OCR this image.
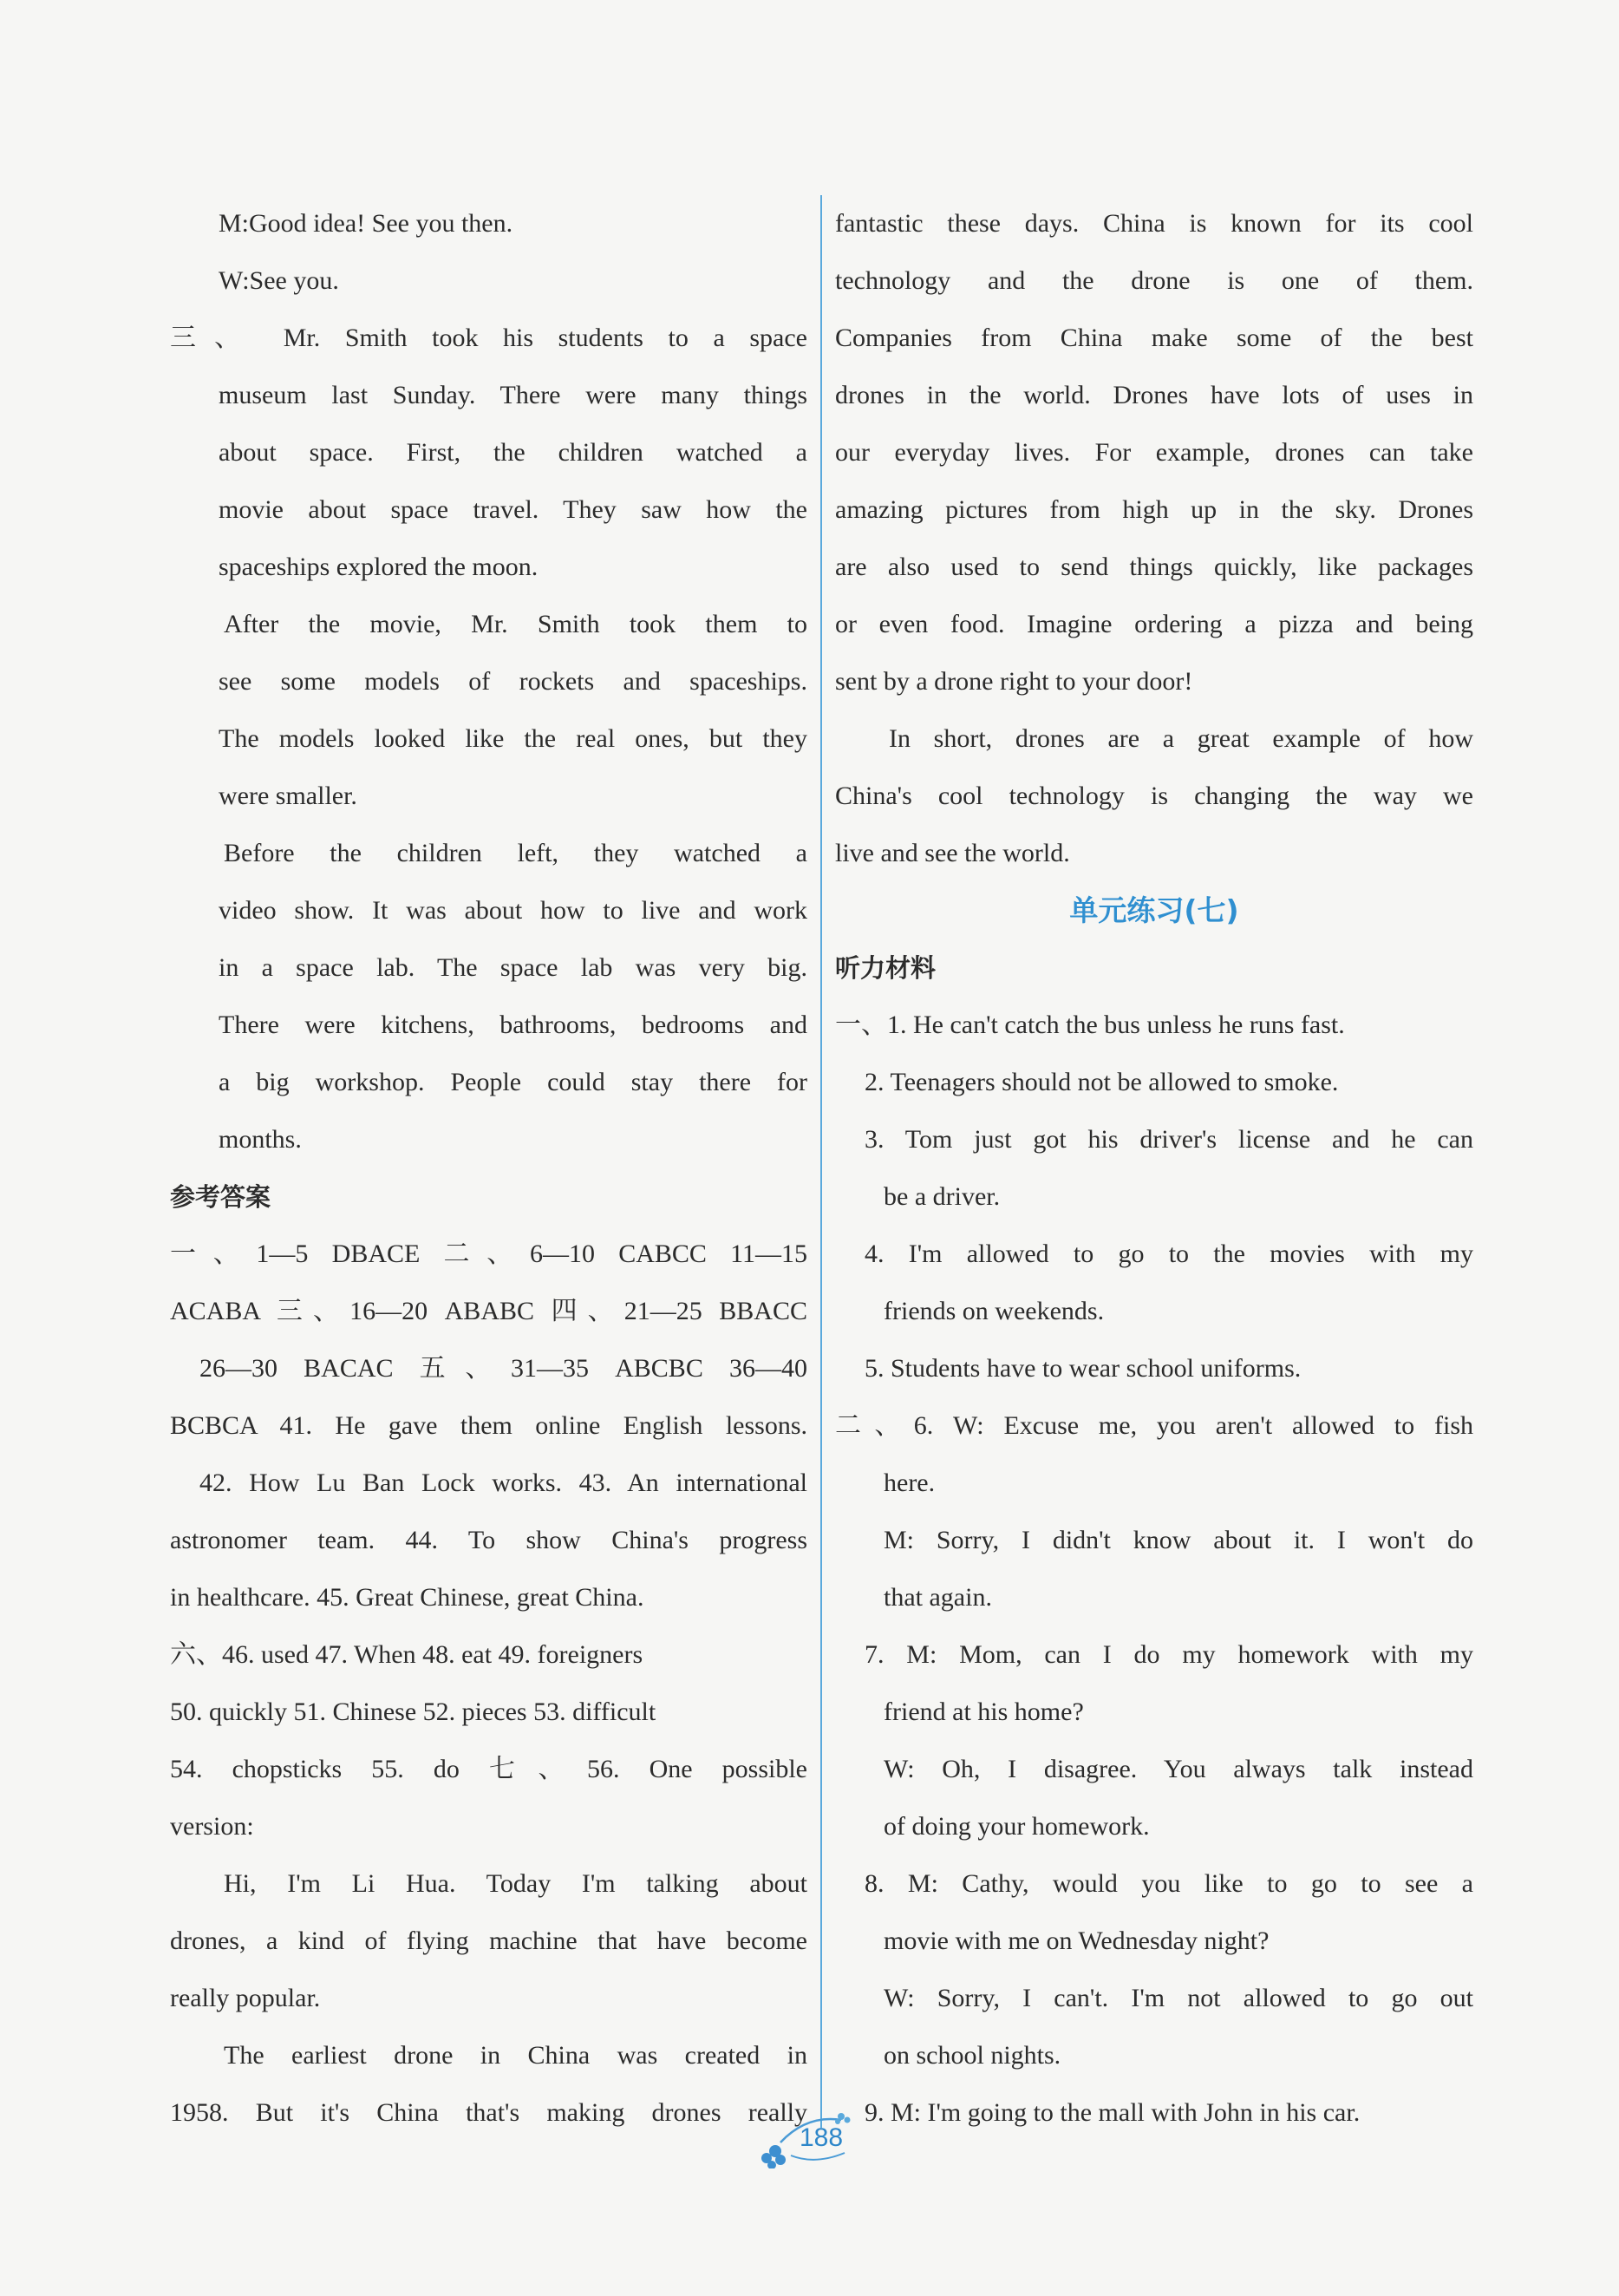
M:Good idea! See you then.
W:See you.
三、 Mr. Smith took his students to a space
museum last Sunday. There were many things
about space. First, the children watched a
movie about space travel. They saw how the
spaceships explored the moon.
After the movie, Mr. Smith took them to
see some models of rockets and spaceships.
The models looked like the real ones, but they
were smaller.
Before the children left, they watched a
video show. It was about how to live and work
in a space lab. The space lab was very big.
There were kitchens, bathrooms, bedrooms and
a big workshop. People could stay there for
months.
参考答案
一、1—5 DBACE 二、6—10 CABCC 11—15
ACABA 三、16—20 ABABC 四、21—25 BBACC
26—30 BACAC 五、31—35 ABCBC 36—40
BCBCA 41. He gave them online English lessons.
42. How Lu Ban Lock works. 43. An international
astronomer team. 44. To show China's progress
in healthcare. 45. Great Chinese, great China.
六、46. used 47. When 48. eat 49. foreigners
50. quickly 51. Chinese 52. pieces 53. difficult
54. chopsticks 55. do 七、56. One possible
version:
Hi, I'm Li Hua. Today I'm talking about
drones, a kind of flying machine that have become
really popular.
The earliest drone in China was created in
1958. But it's China that's making drones really
fantastic these days. China is known for its cool
technology and the drone is one of them.
Companies from China make some of the best
drones in the world. Drones have lots of uses in
our everyday lives. For example, drones can take
amazing pictures from high up in the sky. Drones
are also used to send things quickly, like packages
or even food. Imagine ordering a pizza and being
sent by a drone right to your door!
In short, drones are a great example of how
China's cool technology is changing the way we
live and see the world.
单元练习(七)
听力材料
一、1. He can't catch the bus unless he runs fast.
2. Teenagers should not be allowed to smoke.
3. Tom just got his driver's license and he can
be a driver.
4. I'm allowed to go to the movies with my
friends on weekends.
5. Students have to wear school uniforms.
二、6. W: Excuse me, you aren't allowed to fish
here.
M: Sorry, I didn't know about it. I won't do
that again.
7. M: Mom, can I do my homework with my
friend at his home?
W: Oh, I disagree. You always talk instead
of doing your homework.
8. M: Cathy, would you like to go to see a
movie with me on Wednesday night?
W: Sorry, I can't. I'm not allowed to go out
on school nights.
9. M: I'm going to the mall with John in his car.
188
